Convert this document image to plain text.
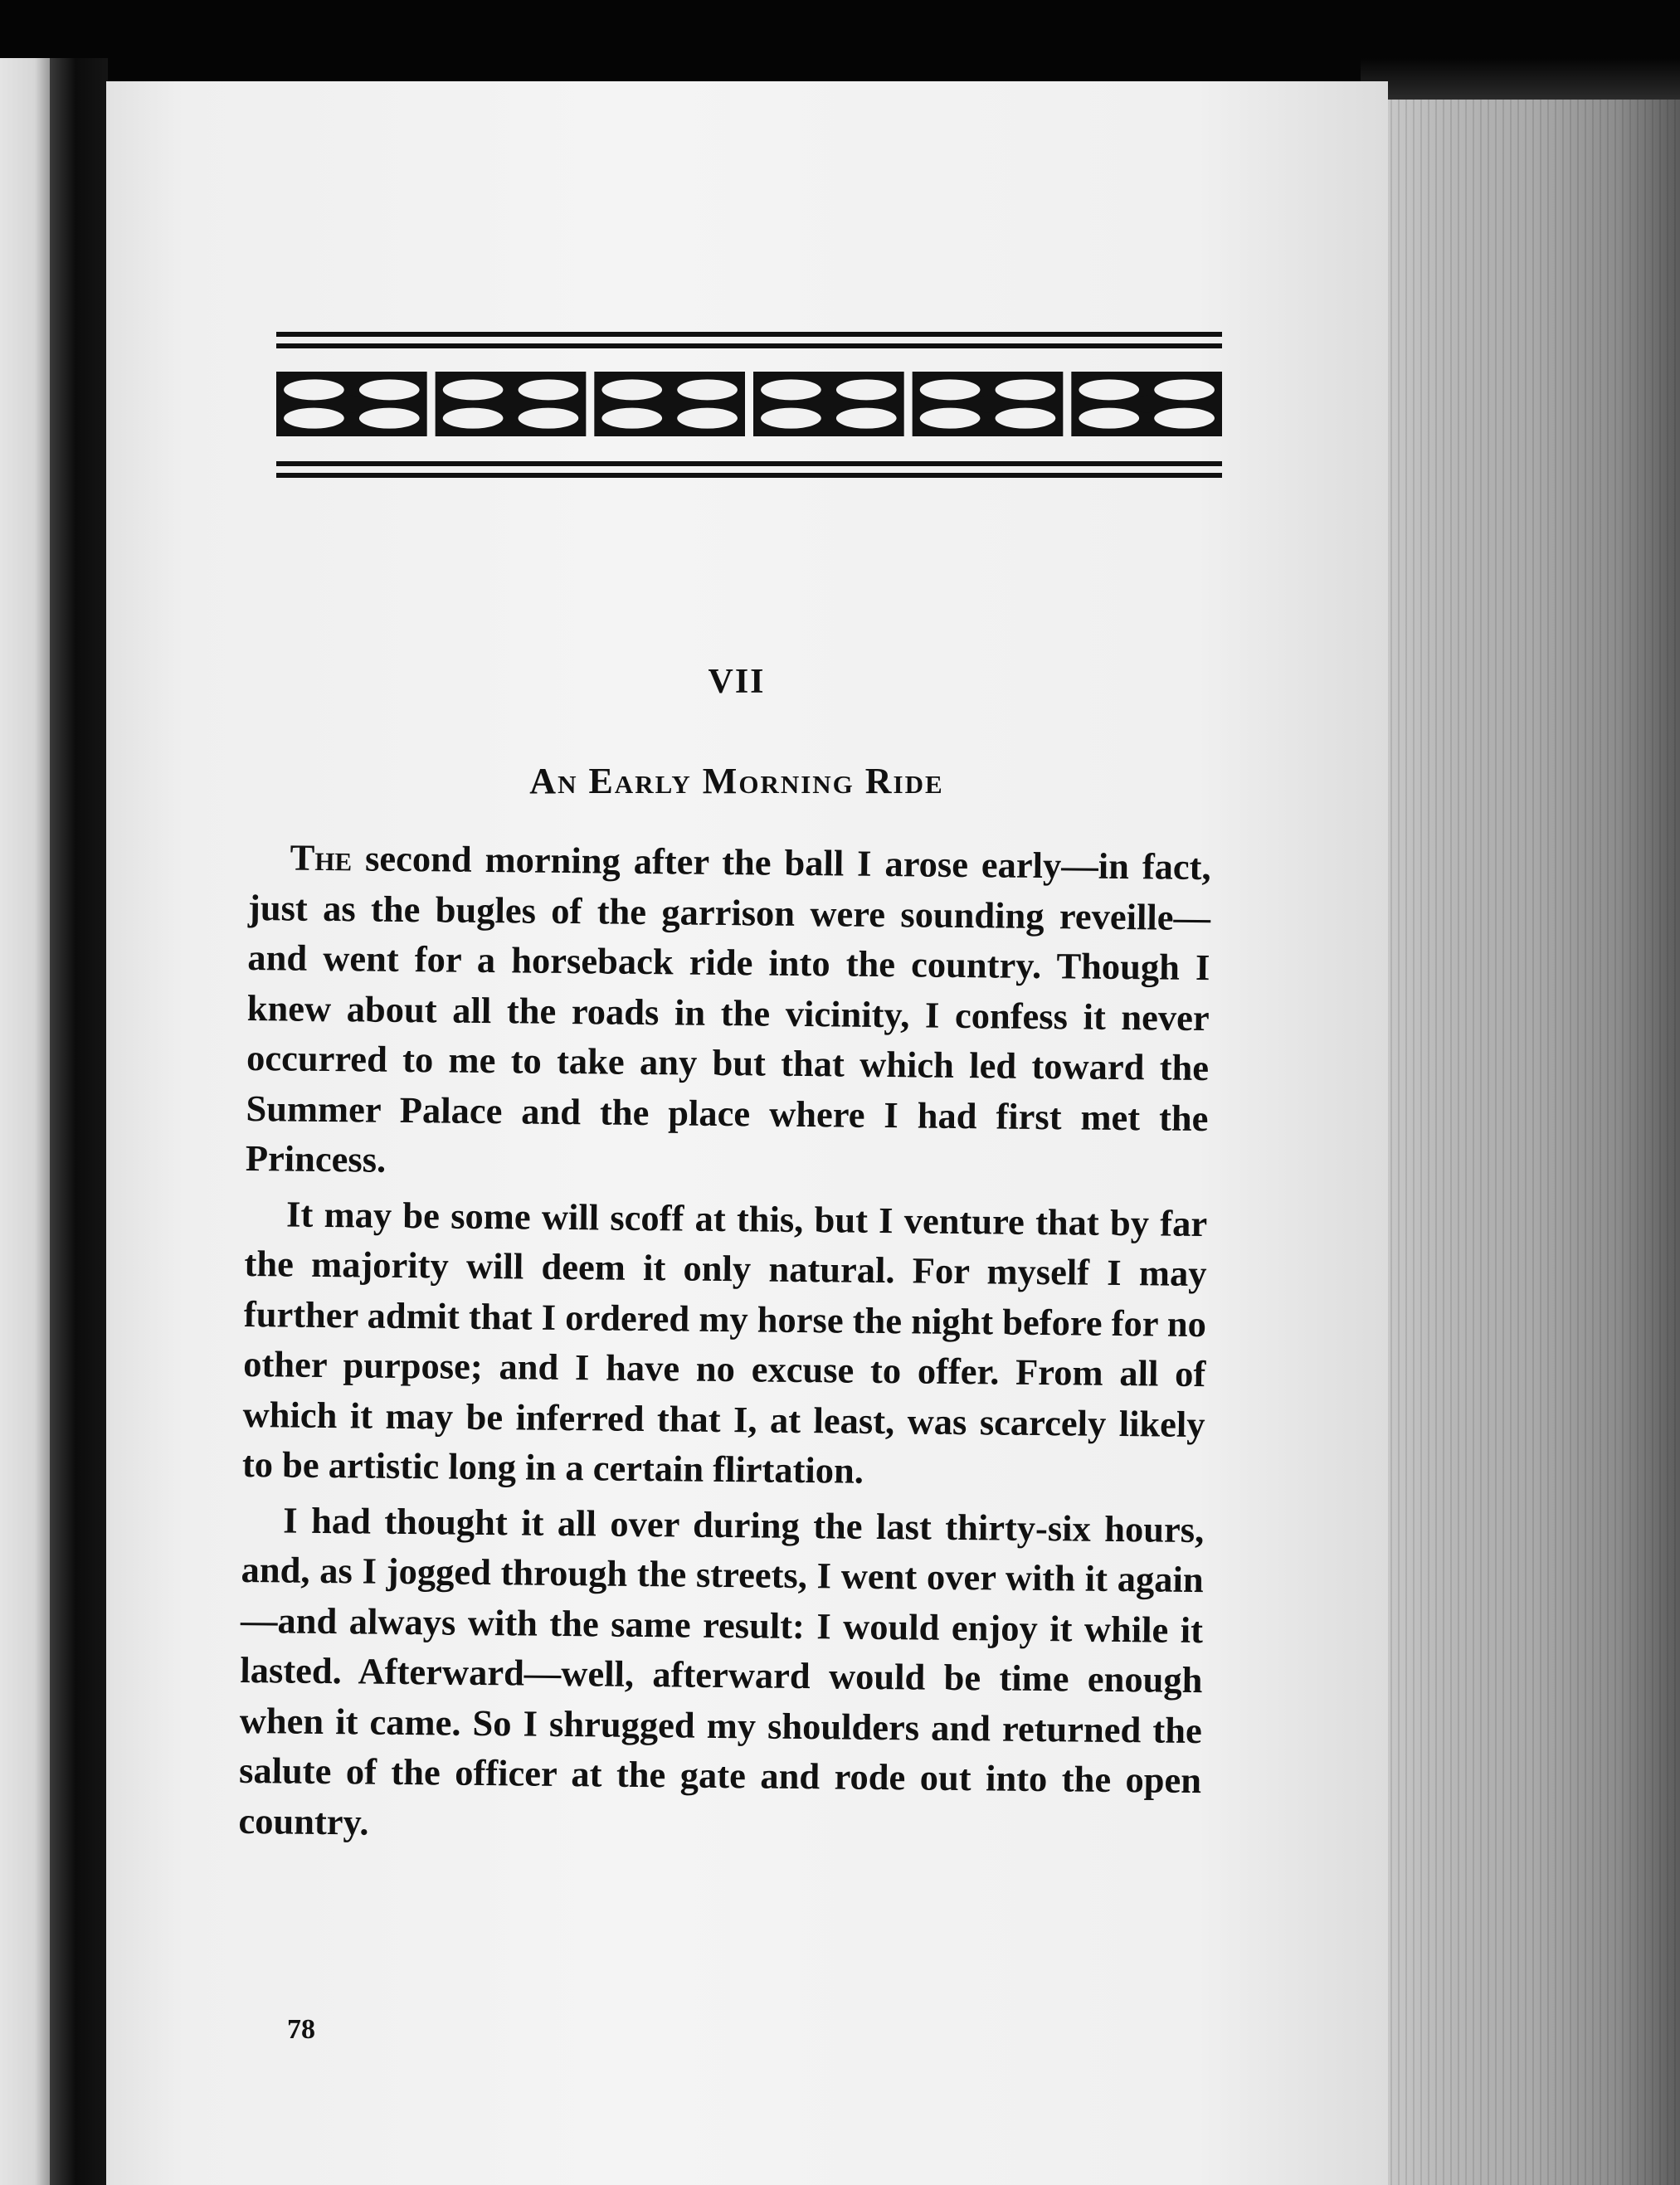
VII
An Early Morning Ride

The second morning after the ball I arose early—in fact, just as the bugles of the garrison were sounding reveille—and went for a horseback ride into the country. Though I knew about all the roads in the vicinity, I confess it never occurred to me to take any but that which led toward the Summer Palace and the place where I had first met the Princess.

It may be some will scoff at this, but I venture that by far the majority will deem it only natural. For myself I may further admit that I ordered my horse the night before for no other purpose; and I have no excuse to offer. From all of which it may be inferred that I, at least, was scarcely likely to be artistic long in a certain flirtation.

I had thought it all over during the last thirty-six hours, and, as I jogged through the streets, I went over with it again—and always with the same result: I would enjoy it while it lasted. Afterward—well, afterward would be time enough when it came. So I shrugged my shoulders and returned the salute of the officer at the gate and rode out into the open country.

78
